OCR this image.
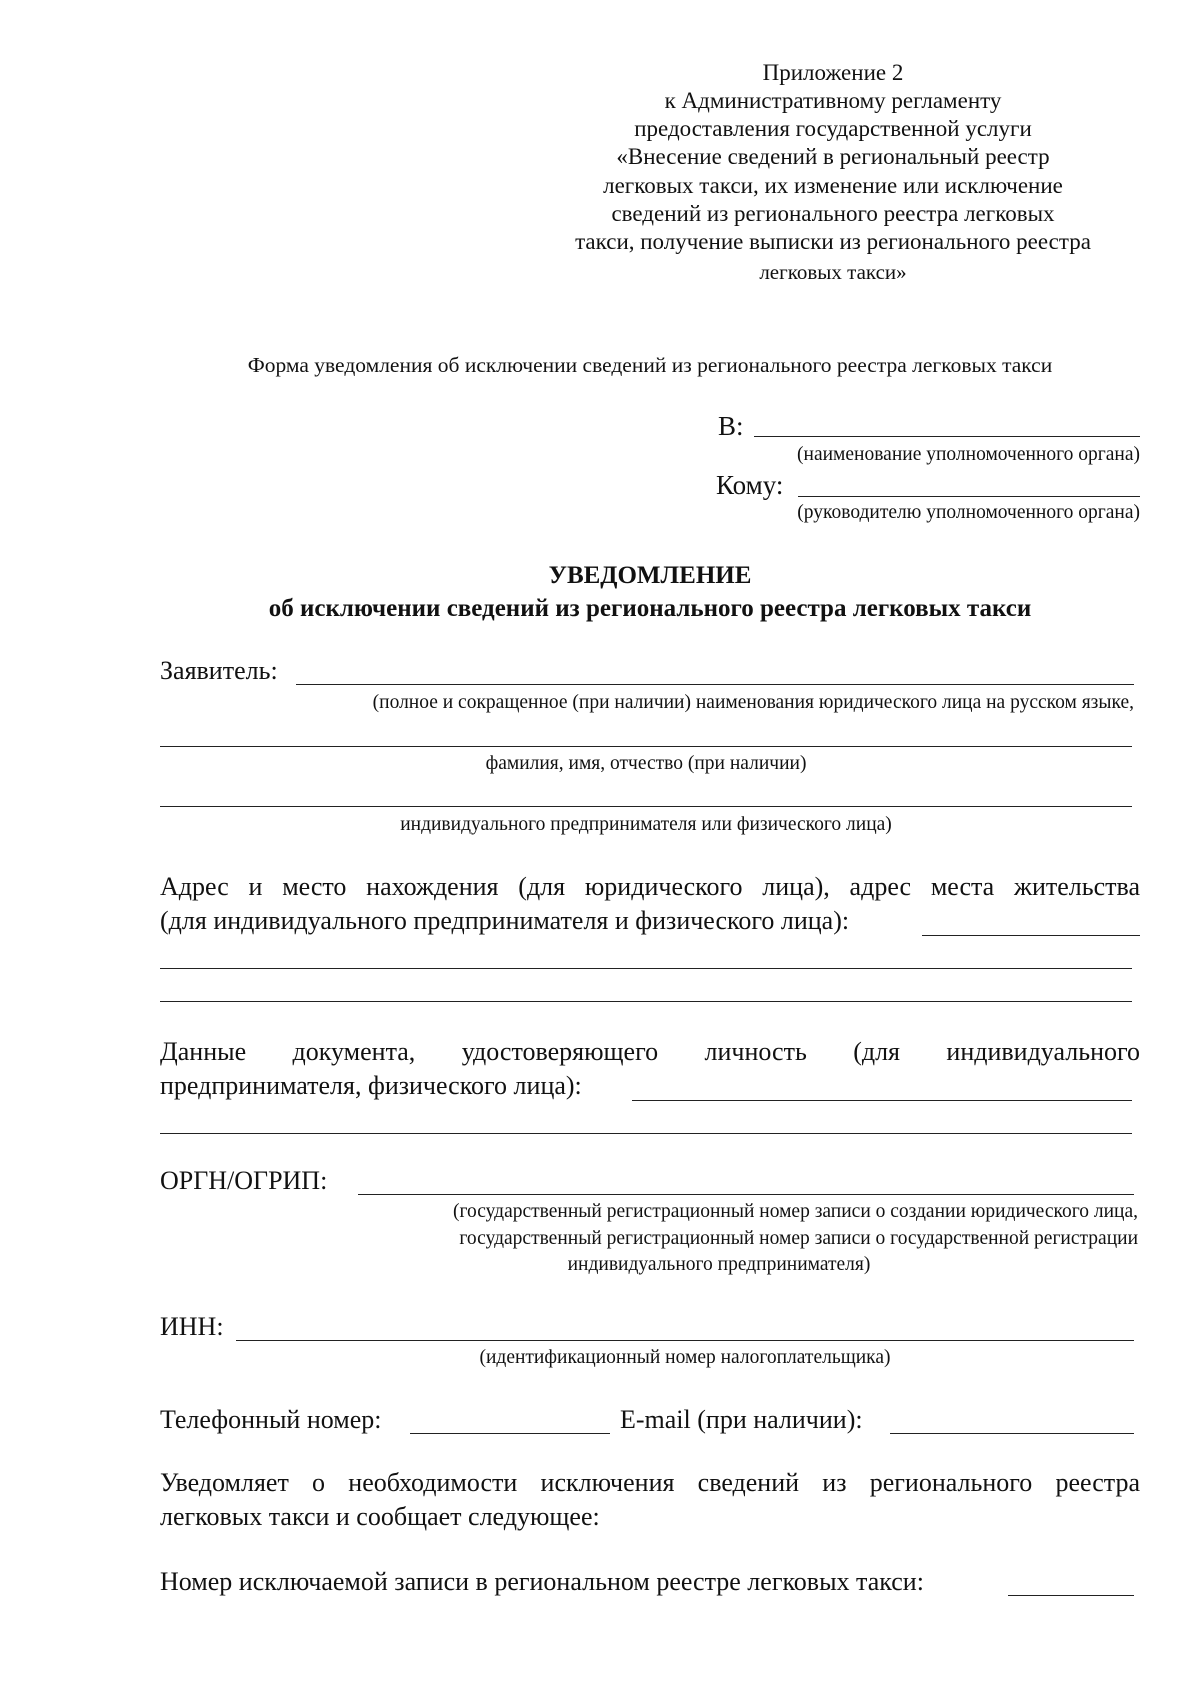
Приложение 2
к Административному регламенту
предоставления государственной услуги
«Внесение сведений в региональный реестр
легковых такси, их изменение или исключение
сведений из регионального реестра легковых
такси, получение выписки из регионального реестра
легковых такси»
Форма уведомления об исключении сведений из регионального реестра легковых такси
В:
(наименование уполномоченного органа)
Кому:
(руководителю уполномоченного органа)
УВЕДОМЛЕНИЕ
об исключении сведений из регионального реестра легковых такси
Заявитель:
(полное и сокращенное (при наличии) наименования юридического лица на русском языке,
фамилия, имя, отчество (при наличии)
индивидуального предпринимателя или физического лица)
Адрес и место нахождения (для юридического лица), адрес места жительства
(для индивидуального предпринимателя и физического лица):
Данные документа, удостоверяющего личность (для индивидуального
предпринимателя, физического лица):
ОРГН/ОГРИП:
(государственный регистрационный номер записи о создании юридического лица,
государственный регистрационный номер записи о государственной регистрации
индивидуального предпринимателя)
ИНН:
(идентификационный номер налогоплательщика)
Телефонный номер:	E-mail (при наличии):
Уведомляет о необходимости исключения сведений из регионального реестра
легковых такси и сообщает следующее:
Номер исключаемой записи в региональном реестре легковых такси:
